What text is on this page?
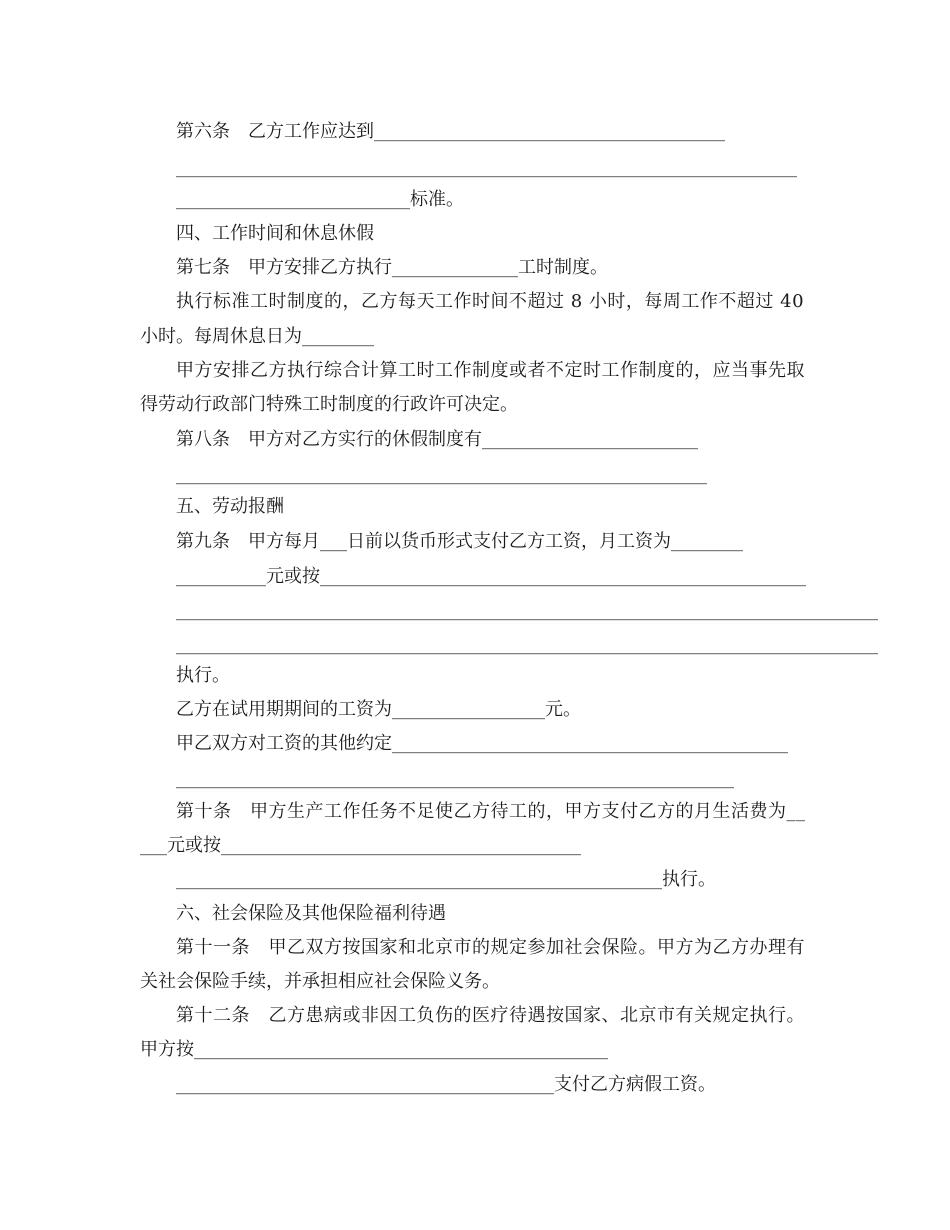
第六条　乙方工作应达到_______________________________________
_____________________________________________________________________
__________________________标准。
四、工作时间和休息休假
第七条　甲方安排乙方执行______________工时制度。
执行标准工时制度的，乙方每天工作时间不超过 8 小时，每周工作不超过 40
小时。每周休息日为________
甲方安排乙方执行综合计算工时工作制度或者不定时工作制度的，应当事先取
得劳动行政部门特殊工时制度的行政许可决定。
第八条　甲方对乙方实行的休假制度有________________________
___________________________________________________________
五、劳动报酬
第九条　甲方每月___日前以货币形式支付乙方工资，月工资为________
__________元或按______________________________________________________
______________________________________________________________________________
______________________________________________________________________________
执行。
乙方在试用期期间的工资为_________________元。
甲乙双方对工资的其他约定____________________________________________
______________________________________________________________
第十条　甲方生产工作任务不足使乙方待工的，甲方支付乙方的月生活费为__
___元或按________________________________________
______________________________________________________执行。
六、社会保险及其他保险福利待遇
第十一条　甲乙双方按国家和北京市的规定参加社会保险。甲方为乙方办理有
关社会保险手续，并承担相应社会保险义务。
第十二条　乙方患病或非因工负伤的医疗待遇按国家、北京市有关规定执行。
甲方按______________________________________________
__________________________________________支付乙方病假工资。
